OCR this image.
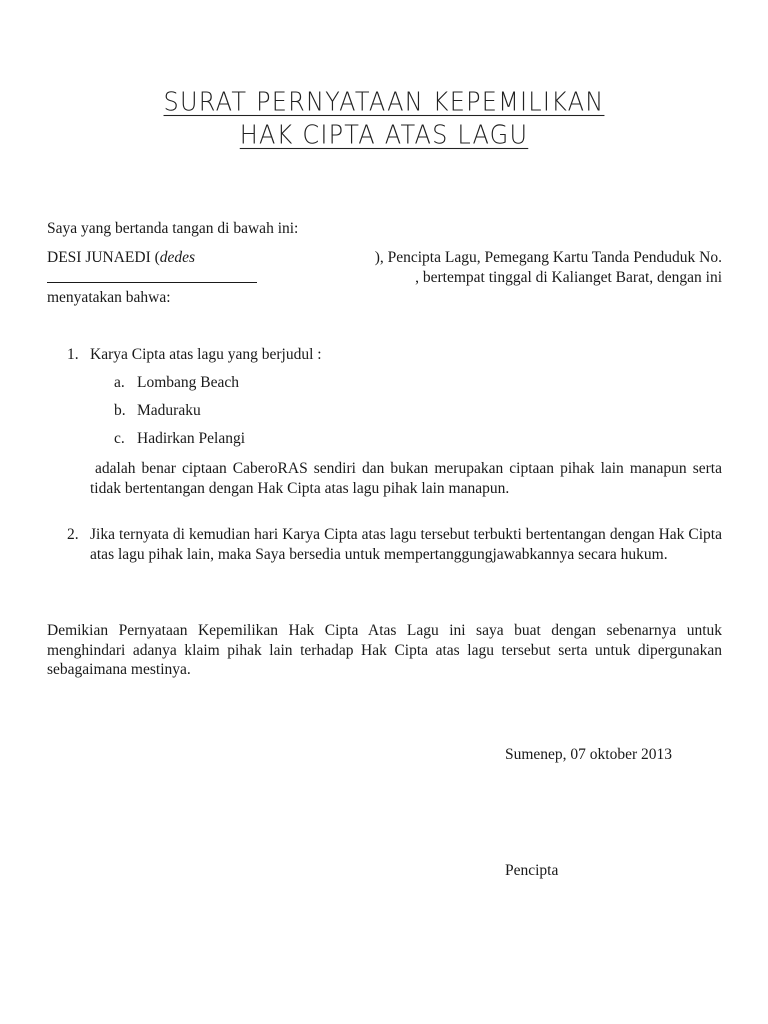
SURAT PERNYATAAN KEPEMILIKAN
HAK CIPTA ATAS LAGU
Saya yang bertanda tangan di bawah ini:
DESI JUNAEDI (dedes	), Pencipta Lagu, Pemegang Kartu Tanda Penduduk No.
, bertempat tinggal di Kalianget Barat, dengan ini
menyatakan bahwa:
1. Karya Cipta atas lagu yang berjudul :
a. Lombang Beach
b. Maduraku
c. Hadirkan Pelangi
adalah benar ciptaan CaberoRAS sendiri dan bukan merupakan ciptaan pihak lain manapun serta tidak bertentangan dengan Hak Cipta atas lagu pihak lain manapun.
2. Jika ternyata di kemudian hari Karya Cipta atas lagu tersebut terbukti bertentangan dengan Hak Cipta atas lagu pihak lain, maka Saya bersedia untuk mempertanggungjawabkannya secara hukum.
Demikian Pernyataan Kepemilikan Hak Cipta Atas Lagu ini saya buat dengan sebenarnya untuk menghindari adanya klaim pihak lain terhadap Hak Cipta atas lagu tersebut serta untuk dipergunakan sebagaimana mestinya.
Sumenep, 07 oktober 2013
Pencipta
